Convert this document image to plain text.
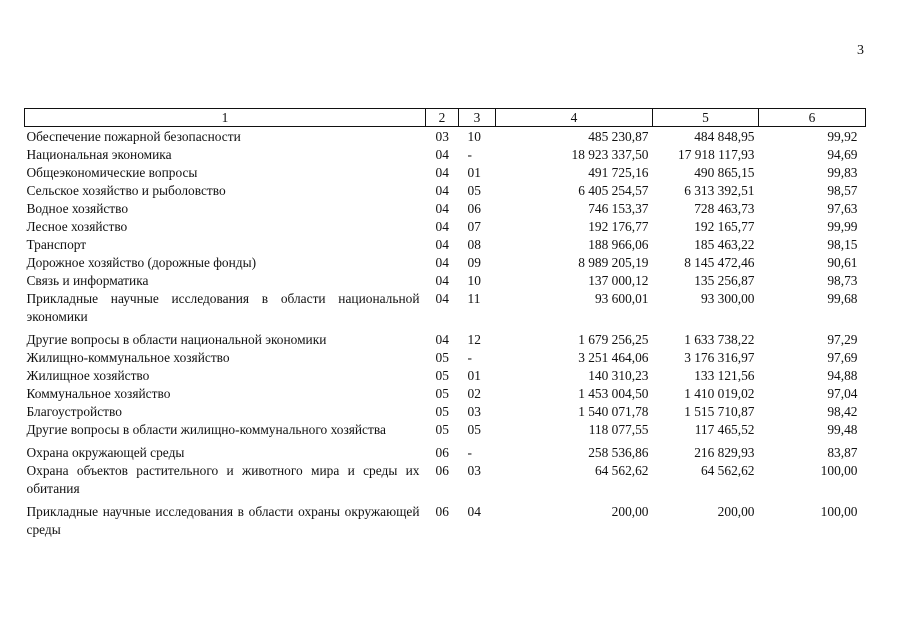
3
1	2	3	4	5	6
Обеспечение пожарной безопасности	03	10	485 230,87	484 848,95	99,92
Национальная экономика	04	-	18 923 337,50	17 918 117,93	94,69
Общеэкономические вопросы	04	01	491 725,16	490 865,15	99,83
Сельское хозяйство и рыболовство	04	05	6 405 254,57	6 313 392,51	98,57
Водное хозяйство	04	06	746 153,37	728 463,73	97,63
Лесное хозяйство	04	07	192 176,77	192 165,77	99,99
Транспорт	04	08	188 966,06	185 463,22	98,15
Дорожное хозяйство (дорожные фонды)	04	09	8 989 205,19	8 145 472,46	90,61
Связь и информатика	04	10	137 000,12	135 256,87	98,73
Прикладные научные исследования в области национальной экономики	04	11	93 600,01	93 300,00	99,68
Другие вопросы в области национальной экономики	04	12	1 679 256,25	1 633 738,22	97,29
Жилищно-коммунальное хозяйство	05	-	3 251 464,06	3 176 316,97	97,69
Жилищное хозяйство	05	01	140 310,23	133 121,56	94,88
Коммунальное хозяйство	05	02	1 453 004,50	1 410 019,02	97,04
Благоустройство	05	03	1 540 071,78	1 515 710,87	98,42
Другие вопросы в области жилищно-коммунального хозяйства	05	05	118 077,55	117 465,52	99,48
Охрана окружающей среды	06	-	258 536,86	216 829,93	83,87
Охрана объектов растительного и животного мира и среды их обитания	06	03	64 562,62	64 562,62	100,00
Прикладные научные исследования в области охраны окружающей среды	06	04	200,00	200,00	100,00
